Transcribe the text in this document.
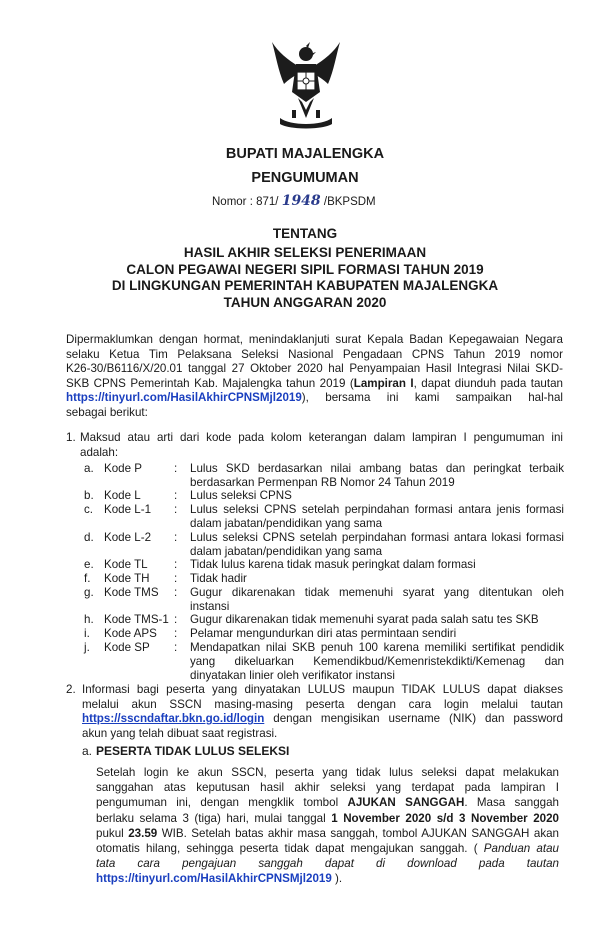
BUPATI MAJALENGKA
PENGUMUMAN
Nomor : 871/ 1948 /BKPSDM
TENTANG
HASIL AKHIR SELEKSI PENERIMAAN
CALON PEGAWAI NEGERI SIPIL FORMASI TAHUN 2019
DI LINGKUNGAN PEMERINTAH KABUPATEN MAJALENGKA
TAHUN ANGGARAN 2020
Dipermaklumkan dengan hormat, menindaklanjuti surat Kepala Badan Kepegawaian Negara
selaku Ketua Tim Pelaksana Seleksi Nasional Pengadaan CPNS Tahun 2019 nomor
K26-30/B6116/X/20.01 tanggal 27 Oktober 2020 hal Penyampaian Hasil Integrasi Nilai SKD-
SKB CPNS Pemerintah Kab. Majalengka tahun 2019 (Lampiran I, dapat diunduh pada tautan
https://tinyurl.com/HasilAkhirCPNSMjl2019),    bersama    ini    kami    sampaikan    hal-hal
sebagai berikut:
1. Maksud atau arti dari kode pada kolom keterangan dalam lampiran I pengumuman ini
adalah:
a. Kode P	: Lulus SKD berdasarkan nilai ambang batas dan peringkat terbaik
berdasarkan Permenpan RB Nomor 24 Tahun 2019
b. Kode L	: Lulus seleksi CPNS
c. Kode L-1 : Lulus seleksi CPNS setelah perpindahan formasi antara jenis formasi
dalam jabatan/pendidikan yang sama
d. Kode L-2 : Lulus seleksi CPNS setelah perpindahan formasi antara lokasi formasi
dalam jabatan/pendidikan yang sama
e. Kode TL : Tidak lulus karena tidak masuk peringkat dalam formasi
f. Kode TH : Tidak hadir
g. Kode TMS : Gugur dikarenakan tidak memenuhi syarat yang ditentukan oleh
instansi
h. Kode TMS-1 : Gugur dikarenakan tidak memenuhi syarat pada salah satu tes SKB
i. Kode APS : Pelamar mengundurkan diri atas permintaan sendiri
j. Kode SP : Mendapatkan nilai SKB penuh 100 karena memiliki sertifikat pendidik
yang    dikeluarkan    Kemendikbud/Kemenristekdikti/Kemenag    dan
dinyatakan linier oleh verifikator instansi
2. Informasi bagi peserta yang dinyatakan LULUS maupun TIDAK LULUS dapat diakses
melalui  akun  SSCN  masing-masing  peserta  dengan  cara  login  melalui  tautan
https://sscndaftar.bkn.go.id/login dengan mengisikan username (NIK) dan password
akun yang telah dibuat saat registrasi.
a. PESERTA TIDAK LULUS SELEKSI
Setelah login ke akun SSCN, peserta yang tidak lulus seleksi dapat melakukan
sanggahan atas keputusan hasil akhir seleksi yang terdapat pada lampiran I
pengumuman ini, dengan mengklik tombol AJUKAN SANGGAH. Masa sanggah
berlaku selama 3 (tiga) hari, mulai tanggal 1 November 2020 s/d 3 November 2020
pukul 23.59 WIB. Setelah batas akhir masa sanggah, tombol AJUKAN SANGGAH akan
otomatis hilang, sehingga peserta tidak dapat mengajukan sanggah. ( Panduan atau
tata    cara    pengajuan    sanggah    dapat    di    download    pada    tautan
https://tinyurl.com/HasilAkhirCPNSMjl2019 ).
